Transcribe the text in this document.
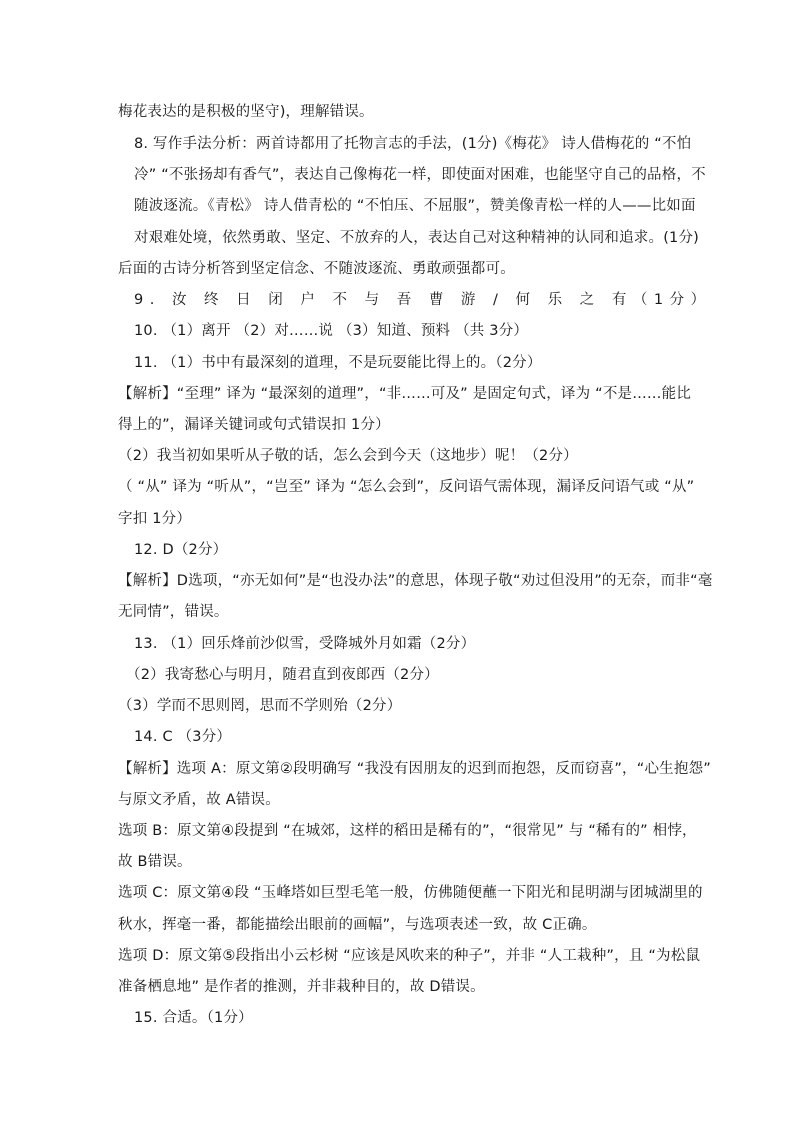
梅花表达的是积极的坚守)，理解错误。
8. 写作手法分析：两首诗都用了托物言志的手法，(1分)《梅花》 诗人借梅花的 “不怕
冷” “不张扬却有香气”，表达自己像梅花一样，即使面对困难，也能坚守自己的品格，不
随波逐流。《青松》 诗人借青松的 “不怕压、不屈服”，赞美像青松一样的人——比如面
对艰难处境，依然勇敢、坚定、不放弃的人，表达自己对这种精神的认同和追求。(1分)
后面的古诗分析答到坚定信念、不随波逐流、勇敢顽强都可。
9. 汝 终 日 闭 户 不 与 吾 曹 游 / 何 乐 之 有（1分）
10. （1）离开 （2）对……说 （3）知道、预料 （共 3分）
11. （1）书中有最深刻的道理，不是玩耍能比得上的。（2分）
【解析】“至理” 译为 “最深刻的道理”，“非……可及” 是固定句式，译为 “不是……能比
得上的”，漏译关键词或句式错误扣 1分）
（2）我当初如果听从子敬的话，怎么会到今天（这地步）呢！（2分）
（ “从” 译为 “听从”，“岂至” 译为 “怎么会到”，反问语气需体现，漏译反问语气或 “从”
字扣 1分）
12. D（2分）
【解析】D选项，“亦无如何”是“也没办法”的意思，体现子敬“劝过但没用”的无奈，而非“毫
无同情”，错误。
13. （1）回乐烽前沙似雪，受降城外月如霜（2分）
（2）我寄愁心与明月，随君直到夜郎西（2分）
（3）学而不思则罔，思而不学则殆（2分）
14. C （3分）
【解析】选项 A：原文第②段明确写 “我没有因朋友的迟到而抱怨，反而窃喜”，“心生抱怨”
与原文矛盾，故 A错误。
选项 B：原文第④段提到 “在城郊，这样的稻田是稀有的”，“很常见” 与 “稀有的” 相悖，
故 B错误。
选项 C：原文第④段 “玉峰塔如巨型毛笔一般，仿佛随便蘸一下阳光和昆明湖与团城湖里的
秋水，挥毫一番，都能描绘出眼前的画幅”，与选项表述一致，故 C正确。
选项 D：原文第⑤段指出小云杉树 “应该是风吹来的种子”，并非 “人工栽种”，且 “为松鼠
准备栖息地” 是作者的推测，并非栽种目的，故 D错误。
15. 合适。（1分）
